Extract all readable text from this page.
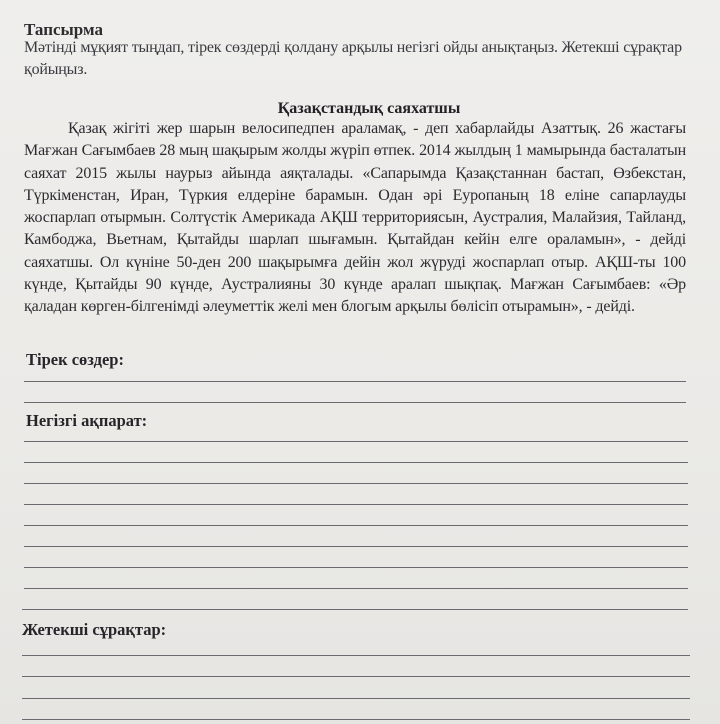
Тапсырма
Мәтінді мұқият тыңдап, тірек сөздерді қолдану арқылы негізгі ойды анықтаңыз. Жетекші сұрақтар қойыңыз.
Қазақстандық саяхатшы
Қазақ жігіті жер шарын велосипедпен араламақ, - деп хабарлайды Азаттық. 26 жастағы Мағжан Сағымбаев 28 мың шақырым жолды жүріп өтпек. 2014 жылдың 1 мамырында басталатын саяхат 2015 жылы наурыз айында аяқталады. «Сапарымда Қазақстаннан бастап, Өзбекстан, Түркіменстан, Иран, Түркия елдеріне барамын. Одан әрі Еуропаның 18 еліне сапарлауды жоспарлап отырмын. Солтүстік Америкада АҚШ территориясын, Аустралия, Малайзия, Тайланд, Камбоджа, Вьетнам, Қытайды шарлап шығамын. Қытайдан кейін елге ораламын», - дейді саяхатшы. Ол күніне 50-ден 200 шақырымға дейін жол жүруді жоспарлап отыр. АҚШ-ты 100 күнде, Қытайды 90 күнде, Аустралияны 30 күнде аралап шықпақ. Мағжан Сағымбаев: «Әр қаладан көрген-білгенімді әлеуметтік желі мен блогым арқылы бөлісіп отырамын», - дейді.
Тірек сөздер:
Негізгі ақпарат:
Жетекші сұрақтар:
